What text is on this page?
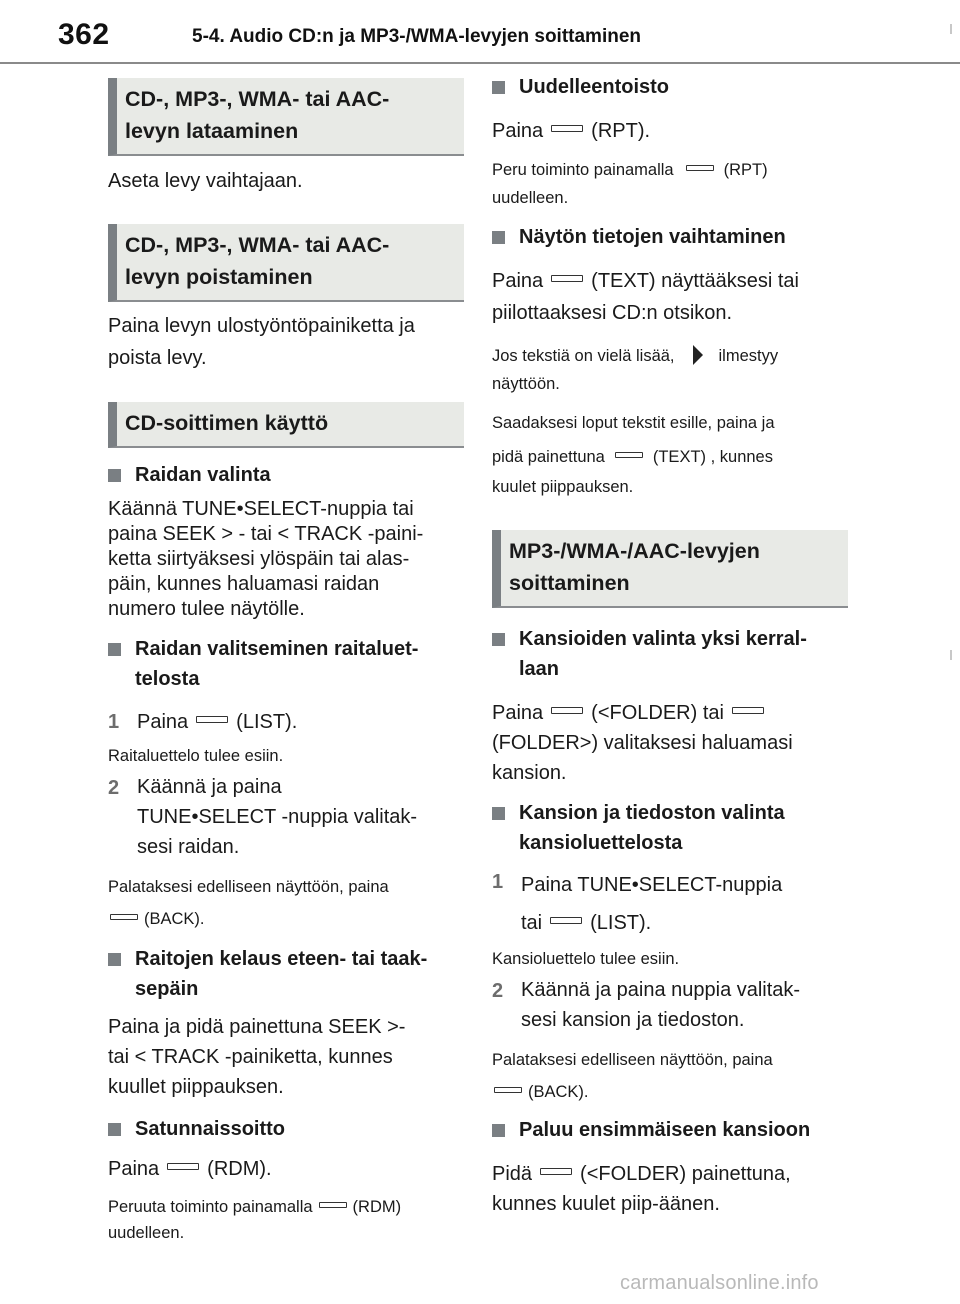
362	5-4. Audio CD:n ja MP3-/WMA-levyjen soittaminen
CD-, MP3-, WMA- tai AAC-
levyn lataaminen
Aseta levy vaihtajaan.
CD-, MP3-, WMA- tai AAC-
levyn poistaminen
Paina levyn ulostyöntöpainiketta ja
poista levy.
CD-soittimen käyttö
Raidan valinta
Käännä TUNE•SELECT-nuppia tai
paina SEEK > - tai < TRACK -paini-
ketta siirtyäksesi ylöspäin tai alas-
päin, kunnes haluamasi raidan
numero tulee näytölle.
Raidan valitseminen raitaluet-
telosta
1 Paina (LIST).
Raitaluettelo tulee esiin.
2 Käännä ja paina
TUNE•SELECT -nuppia valitak-
sesi raidan.
Palataksesi edelliseen näyttöön, paina
(BACK).
Raitojen kelaus eteen- tai taak-
sepäin
Paina ja pidä painettuna SEEK >-
tai < TRACK -painiketta, kunnes
kuullet piippauksen.
Satunnaissoitto
Paina (RDM).
Peruuta toiminto painamalla (RDM)
uudelleen.
Uudelleentoisto
Paina (RPT).
Peru toiminto painamalla	(RPT)
uudelleen.
Näytön tietojen vaihtaminen
Paina (TEXT) näyttääksesi tai
piilottaaksesi CD:n otsikon.
Jos tekstiä on vielä lisää,	ilmestyy
näyttöön.
Saadaksesi loput tekstit esille, paina ja
pidä painettuna	(TEXT) , kunnes
kuulet piippauksen.
MP3-/WMA-/AAC-levyjen
soittaminen
Kansioiden valinta yksi kerral-
laan
Paina (<FOLDER) tai
(FOLDER>) valitaksesi haluamasi
kansion.
Kansion ja tiedoston valinta
kansioluettelosta
1 Paina TUNE•SELECT-nuppia
tai (LIST).
Kansioluettelo tulee esiin.
2 Käännä ja paina nuppia valitak-
sesi kansion ja tiedoston.
Palataksesi edelliseen näyttöön, paina
(BACK).
Paluu ensimmäiseen kansioon
Pidä (<FOLDER) painettuna,
kunnes kuulet piip-äänen.
carmanualsonline.info
